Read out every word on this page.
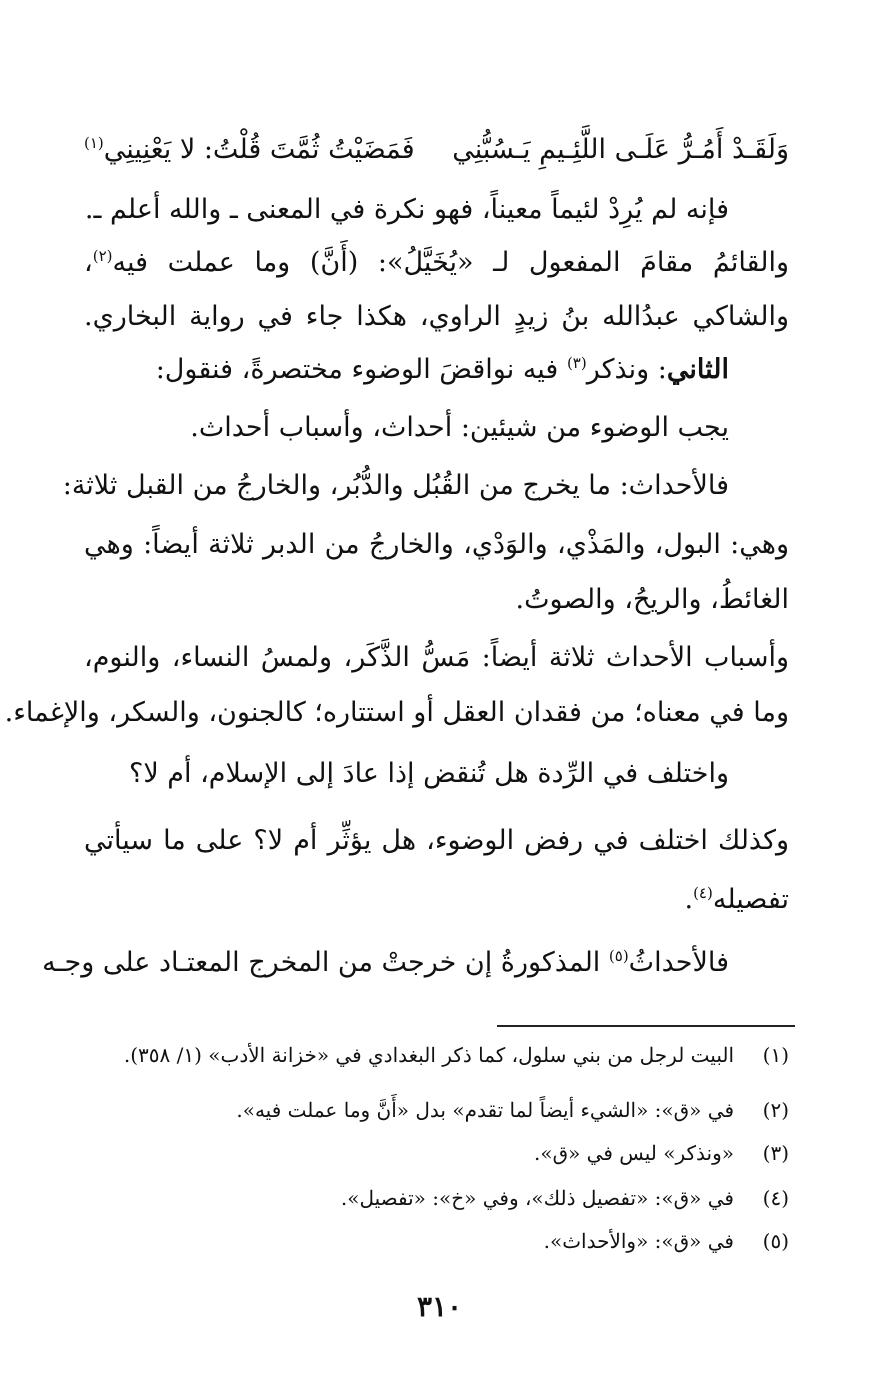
وَلَقَـدْ أَمُـرُّ عَلَـى اللَّئِـيمِ يَـسُبُّنِي
فَمَضَيْتُ ثُمَّتَ قُلْتُ: لا يَعْنِينِي$^{(١)}$
فإنه لم يُرِدْ لئيماً معيناً، فهو نكرة في المعنى ـ والله أعلم ـ.
والقائمُ مقامَ المفعول لـ «يُخَيَّلُ»: (أَنَّ) وما عملت فيه$^{(٢)}$،
والشاكي عبدُالله بنُ زيدٍ الراوي، هكذا جاء في رواية البخاري.
الثاني: ونذكر$^{(٣)}$ فيه نواقضَ الوضوء مختصرةً، فنقول:
يجب الوضوء من شيئين: أحداث، وأسباب أحداث.
فالأحداث: ما يخرج من القُبُل والدُّبُر، والخارجُ من القبل ثلاثة:
وهي: البول، والمَذْي، والوَدْي، والخارجُ من الدبر ثلاثة أيضاً: وهي
الغائطُ، والريحُ، والصوتُ.
وأسباب الأحداث ثلاثة أيضاً: مَسُّ الذَّكَر، ولمسُ النساء، والنوم،
وما في معناه؛ من فقدان العقل أو استتاره؛ كالجنون، والسكر، والإغماء.
واختلف في الرِّدة هل تُنقض إذا عادَ إلى الإسلام، أم لا؟
وكذلك اختلف في رفض الوضوء، هل يؤثِّر أم لا؟ على ما سيأتي
تفصيله$^{(٤)}$.
فالأحداثُ$^{(٥)}$ المذكورةُ إن خرجتْ من المخرج المعتـاد على وجـه
(١)البيت لرجل من بني سلول، كما ذكر البغدادي في «خزانة الأدب» (١/ ٣٥٨).
(٢)في «ق»: «الشيء أيضاً لما تقدم» بدل «أَنَّ وما عملت فيه».
(٣)«ونذكر» ليس في «ق».
(٤)في «ق»: «تفصيل ذلك»، وفي «خ»: «تفصيل».
(٥)في «ق»: «والأحداث».
٣١٠
